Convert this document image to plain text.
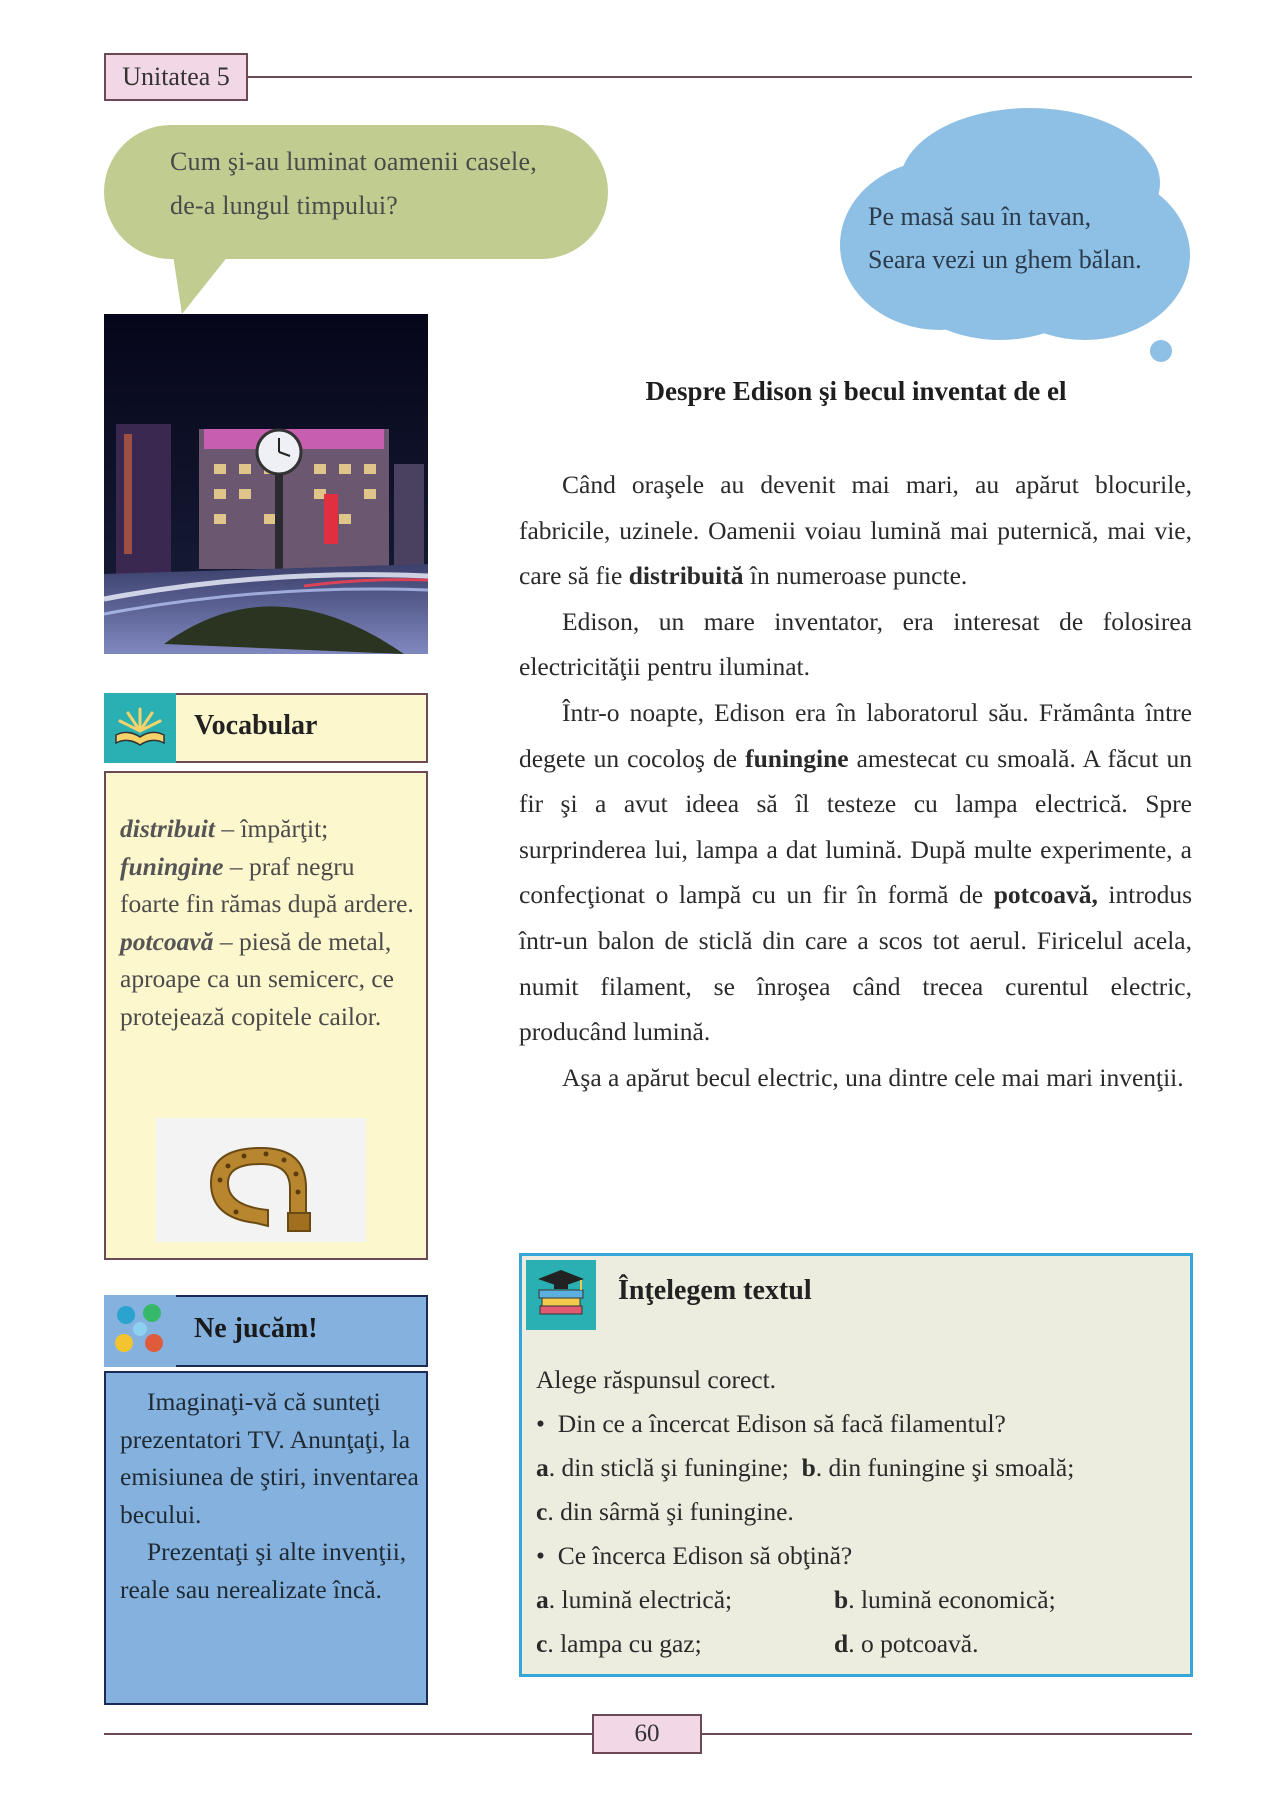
Unitatea 5
Cum şi-au luminat oamenii casele,
de-a lungul timpului?	Pe masă sau în tavan,
Seara vezi un ghem bălan.
Despre Edison şi becul inventat de el

Când oraşele au devenit mai mari, au apărut blocurile, fabricile, uzinele. Oamenii voiau lumină mai puternică, mai vie, care să fie distribuită în numeroase puncte.

Edison, un mare inventator, era interesat de folosirea electricităţii pentru iluminat.

Într-o noapte, Edison era în laboratorul său. Frământa între degete un cocoloş de funingine amestecat cu smoală. A făcut un fir şi a avut ideea să îl testeze cu lampa electrică. Spre surprinderea lui, lampa a dat lumină. După multe experimente, a confecţionat o lampă cu un fir în formă de potcoavă, introdus într-un balon de sticlă din care a scos tot aerul. Firicelul acela, numit filament, se înroşea când trecea curentul electric, producând lumină.

Aşa a apărut becul electric, una dintre cele mai mari invenţii.

Vocabular
distribuit – împărţit;
funingine – praf negru foarte fin rămas după ardere.
potcoavă – piesă de metal, aproape ca un semicerc, ce protejează copitele cailor.
Ne jucăm!

Imaginaţi-vă că sunteţi prezentatori TV. Anunţaţi, la emisiunea de ştiri, inventarea becului.

Prezentaţi şi alte invenţii, reale sau nerealizate încă.

Înţelegem textul
Alege răspunsul corect.
•  Din ce a încercat Edison să facă filamentul?
a. din sticlă şi funingine; b. din funingine şi smoală;
c. din sârmă şi funingine.
•  Ce încerca Edison să obţină?
a. lumină electrică;	b. lumină economică;
c. lampa cu gaz;	d. o potcoavă.
60
